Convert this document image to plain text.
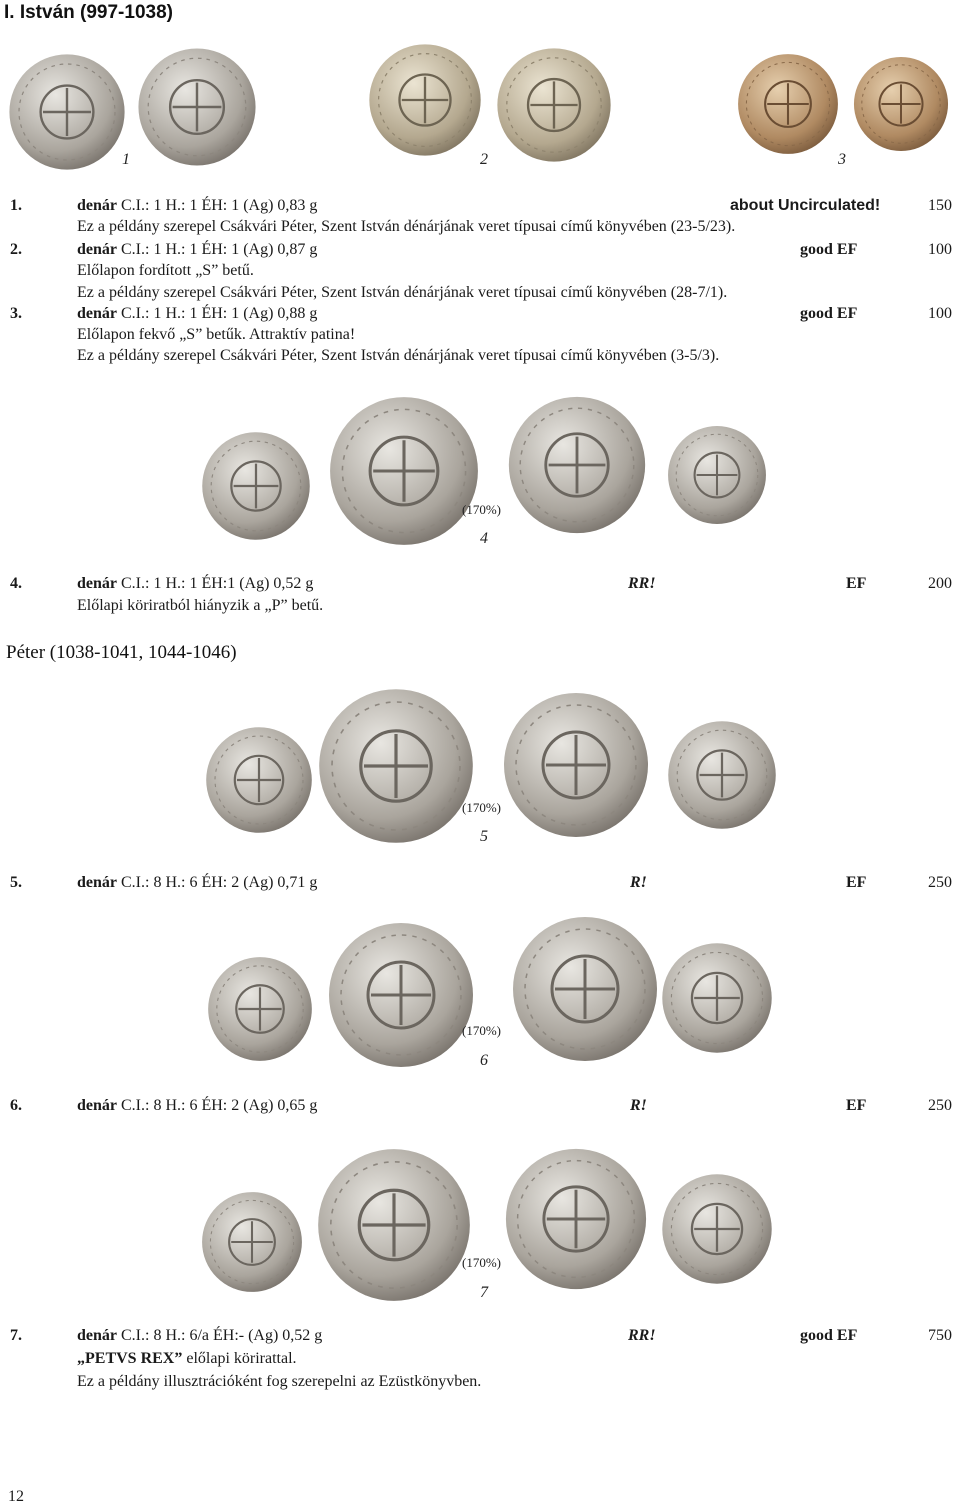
I. István (997-1038)
1	2	3
1.	denár C.I.: 1 H.: 1 ÉH: 1 (Ag) 0,83 g	about Uncirculated!	150
Ez a példány szerepel Csákvári Péter, Szent István dénárjának veret típusai című könyvében (23-5/23).
2.	denár C.I.: 1 H.: 1 ÉH: 1 (Ag) 0,87 g	good EF	100
Előlapon fordított „S” betű.
Ez a példány szerepel Csákvári Péter, Szent István dénárjának veret típusai című könyvében (28-7/1).
3.	denár C.I.: 1 H.: 1 ÉH: 1 (Ag) 0,88 g	good EF	100
Előlapon fekvő „S” betűk. Attraktív patina!
Ez a példány szerepel Csákvári Péter, Szent István dénárjának veret típusai című könyvében (3-5/3).
(170%)
4
4.	denár C.I.: 1 H.: 1 ÉH:1 (Ag) 0,52 g	RR!	EF	200
Előlapi köriratból hiányzik a „P” betű.
Péter (1038-1041, 1044-1046)
(170%)
5
5.	denár C.I.: 8 H.: 6 ÉH: 2 (Ag) 0,71 g	R!	EF	250
(170%)
6
6.	denár C.I.: 8 H.: 6 ÉH: 2 (Ag) 0,65 g	R!	EF	250
(170%)
7
7.	denár C.I.: 8 H.: 6/a ÉH:- (Ag) 0,52 g	RR!	good EF	750
„PETVS REX” előlapi körirattal.
Ez a példány illusztrációként fog szerepelni az Ezüstkönyvben.
12
